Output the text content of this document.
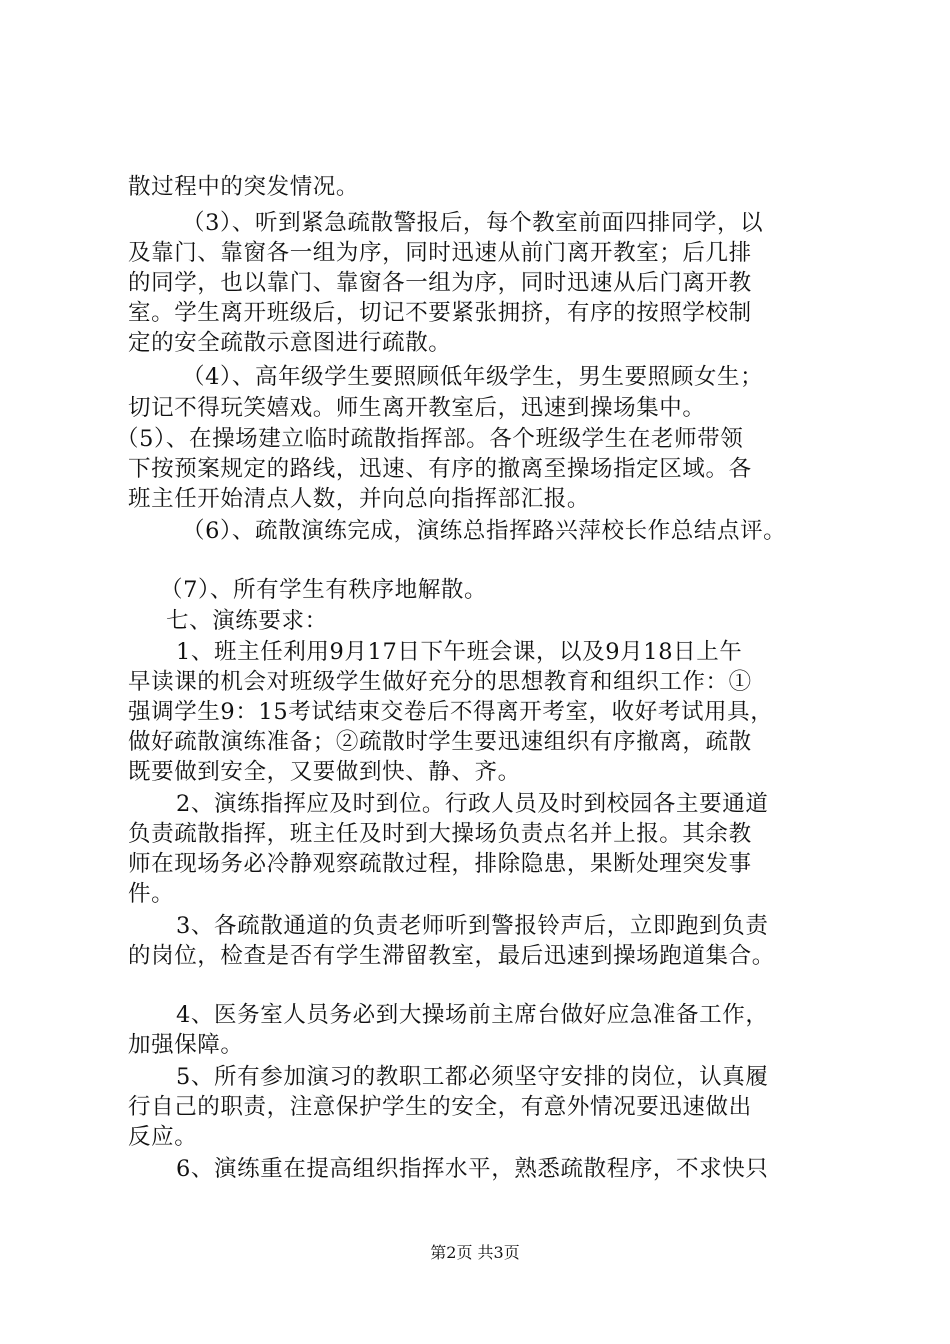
散过程中的突发情况。
（3）、听到紧急疏散警报后，每个教室前面四排同学，以
及靠门、靠窗各一组为序，同时迅速从前门离开教室；后几排
的同学，也以靠门、靠窗各一组为序，同时迅速从后门离开教
室。学生离开班级后，切记不要紧张拥挤，有序的按照学校制
定的安全疏散示意图进行疏散。
（4）、高年级学生要照顾低年级学生，男生要照顾女生；
切记不得玩笑嬉戏。师生离开教室后，迅速到操场集中。
（5）、在操场建立临时疏散指挥部。各个班级学生在老师带领
下按预案规定的路线，迅速、有序的撤离至操场指定区域。各
班主任开始清点人数，并向总向指挥部汇报。
（6）、疏散演练完成，演练总指挥路兴萍校长作总结点评。
（7）、所有学生有秩序地解散。
七、演练要求：
1、班主任利用9月17日下午班会课，以及9月18日上午
早读课的机会对班级学生做好充分的思想教育和组织工作：①
强调学生9：15考试结束交卷后不得离开考室，收好考试用具，
做好疏散演练准备；②疏散时学生要迅速组织有序撤离，疏散
既要做到安全，又要做到快、静、齐。
2、演练指挥应及时到位。行政人员及时到校园各主要通道
负责疏散指挥，班主任及时到大操场负责点名并上报。其余教
师在现场务必冷静观察疏散过程，排除隐患，果断处理突发事
件。
3、各疏散通道的负责老师听到警报铃声后，立即跑到负责
的岗位，检查是否有学生滞留教室，最后迅速到操场跑道集合。
4、医务室人员务必到大操场前主席台做好应急准备工作，
加强保障。
5、所有参加演习的教职工都必须坚守安排的岗位，认真履
行自己的职责，注意保护学生的安全，有意外情况要迅速做出
反应。
6、演练重在提高组织指挥水平，熟悉疏散程序，不求快只
第2页 共3页
